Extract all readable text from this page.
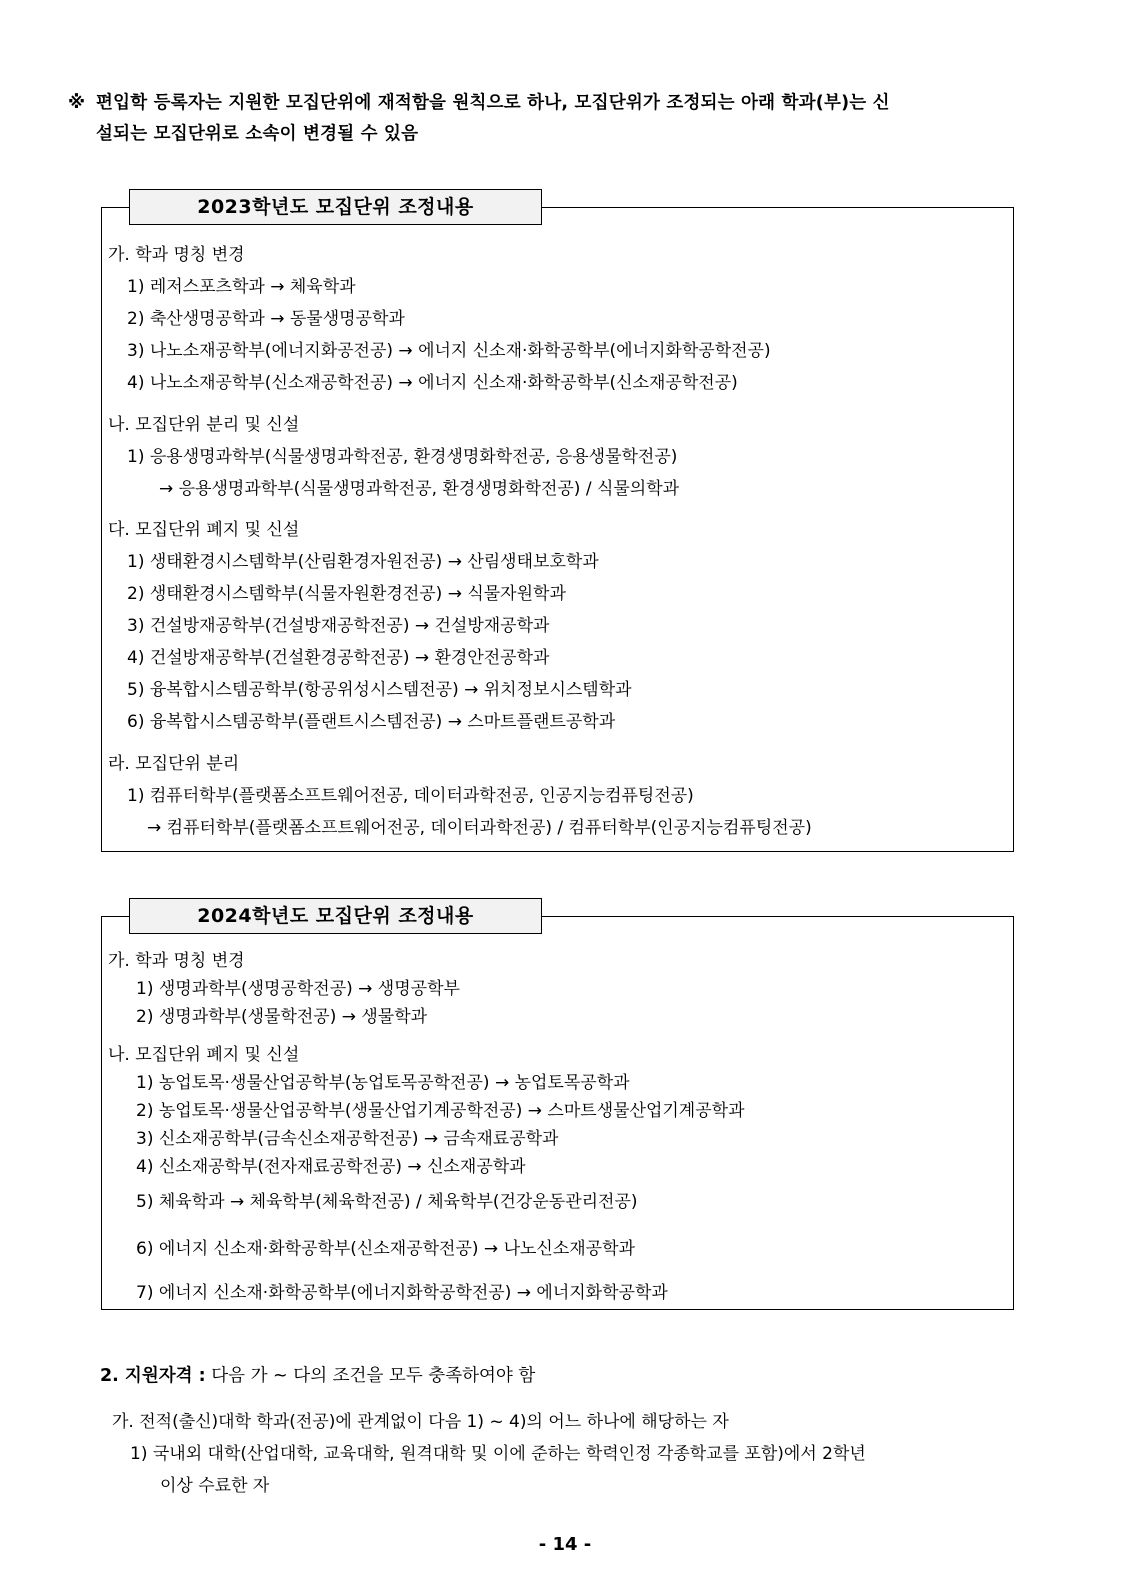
※ 편입학 등록자는 지원한 모집단위에 재적함을 원칙으로 하나, 모집단위가 조정되는 아래 학과(부)는 신
설되는 모집단위로 소속이 변경될 수 있음
2023학년도 모집단위 조정내용
가. 학과 명칭 변경
1) 레저스포츠학과 → 체육학과
2) 축산생명공학과 → 동물생명공학과
3) 나노소재공학부(에너지화공전공) → 에너지 신소재·화학공학부(에너지화학공학전공)
4) 나노소재공학부(신소재공학전공) → 에너지 신소재·화학공학부(신소재공학전공)
나. 모집단위 분리 및 신설
1) 응용생명과학부(식물생명과학전공, 환경생명화학전공, 응용생물학전공)
→ 응용생명과학부(식물생명과학전공, 환경생명화학전공) / 식물의학과
다. 모집단위 폐지 및 신설
1) 생태환경시스템학부(산림환경자원전공) → 산림생태보호학과
2) 생태환경시스템학부(식물자원환경전공) → 식물자원학과
3) 건설방재공학부(건설방재공학전공) → 건설방재공학과
4) 건설방재공학부(건설환경공학전공) → 환경안전공학과
5) 융복합시스템공학부(항공위성시스템전공) → 위치정보시스템학과
6) 융복합시스템공학부(플랜트시스템전공) → 스마트플랜트공학과
라. 모집단위 분리
1) 컴퓨터학부(플랫폼소프트웨어전공, 데이터과학전공, 인공지능컴퓨팅전공)
→ 컴퓨터학부(플랫폼소프트웨어전공, 데이터과학전공) / 컴퓨터학부(인공지능컴퓨팅전공)
2024학년도 모집단위 조정내용
가. 학과 명칭 변경
1) 생명과학부(생명공학전공) → 생명공학부
2) 생명과학부(생물학전공) → 생물학과
나. 모집단위 폐지 및 신설
1) 농업토목·생물산업공학부(농업토목공학전공) → 농업토목공학과
2) 농업토목·생물산업공학부(생물산업기계공학전공) → 스마트생물산업기계공학과
3) 신소재공학부(금속신소재공학전공) → 금속재료공학과
4) 신소재공학부(전자재료공학전공) → 신소재공학과
5) 체육학과 → 체육학부(체육학전공) / 체육학부(건강운동관리전공)
6) 에너지 신소재·화학공학부(신소재공학전공) → 나노신소재공학과
7) 에너지 신소재·화학공학부(에너지화학공학전공) → 에너지화학공학과
2. 지원자격 : 다음 가 ~ 다의 조건을 모두 충족하여야 함
가. 전적(출신)대학 학과(전공)에 관계없이 다음 1) ~ 4)의 어느 하나에 해당하는 자
1) 국내외 대학(산업대학, 교육대학, 원격대학 및 이에 준하는 학력인정 각종학교를 포함)에서 2학년
이상 수료한 자
- 14 -
